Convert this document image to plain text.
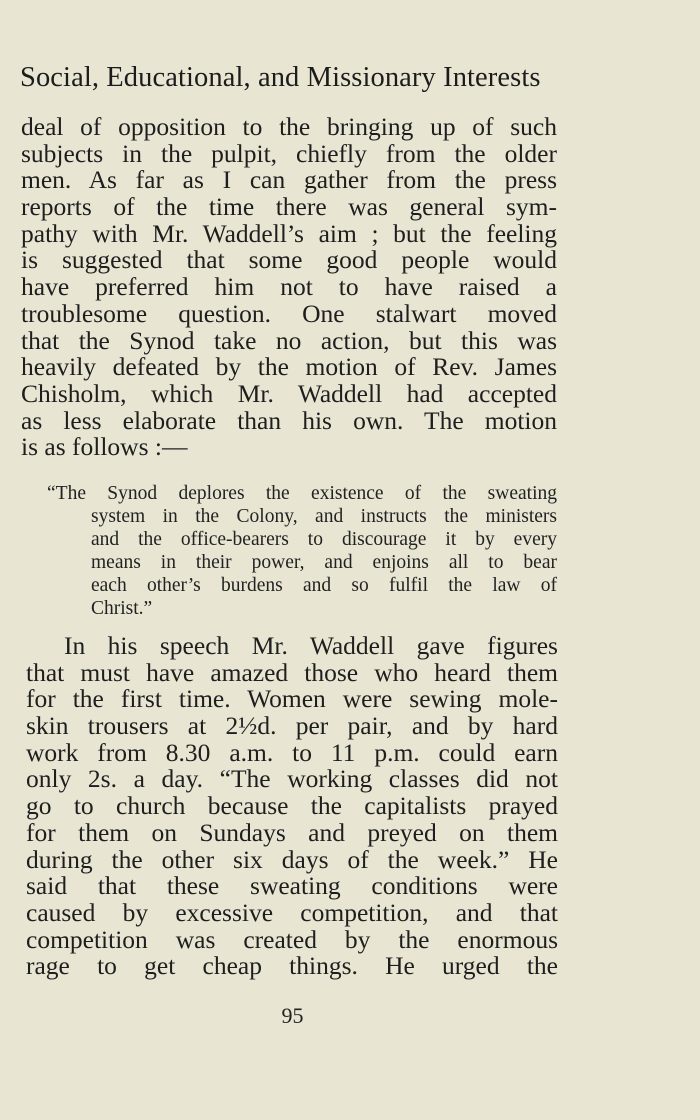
Social, Educational, and Missionary Interests
deal of opposition to the bringing up of such
subjects in the pulpit, chiefly from the older
men. As far as I can gather from the press
reports of the time there was general sym-
pathy with Mr. Waddell’s aim ; but the feeling
is suggested that some good people would
have preferred him not to have raised a
troublesome question. One stalwart moved
that the Synod take no action, but this was
heavily defeated by the motion of Rev. James
Chisholm, which Mr. Waddell had accepted
as less elaborate than his own. The motion
is as follows :—
“The Synod deplores the existence of the sweating
system in the Colony, and instructs the ministers
and the office-bearers to discourage it by every
means in their power, and enjoins all to bear
each other’s burdens and so fulfil the law of
Christ.”
In his speech Mr. Waddell gave figures
that must have amazed those who heard them
for the first time. Women were sewing mole-
skin trousers at 2½d. per pair, and by hard
work from 8.30 a.m. to 11 p.m. could earn
only 2s. a day. “The working classes did not
go to church because the capitalists prayed
for them on Sundays and preyed on them
during the other six days of the week.” He
said that these sweating conditions were
caused by excessive competition, and that
competition was created by the enormous
rage to get cheap things. He urged the
95
